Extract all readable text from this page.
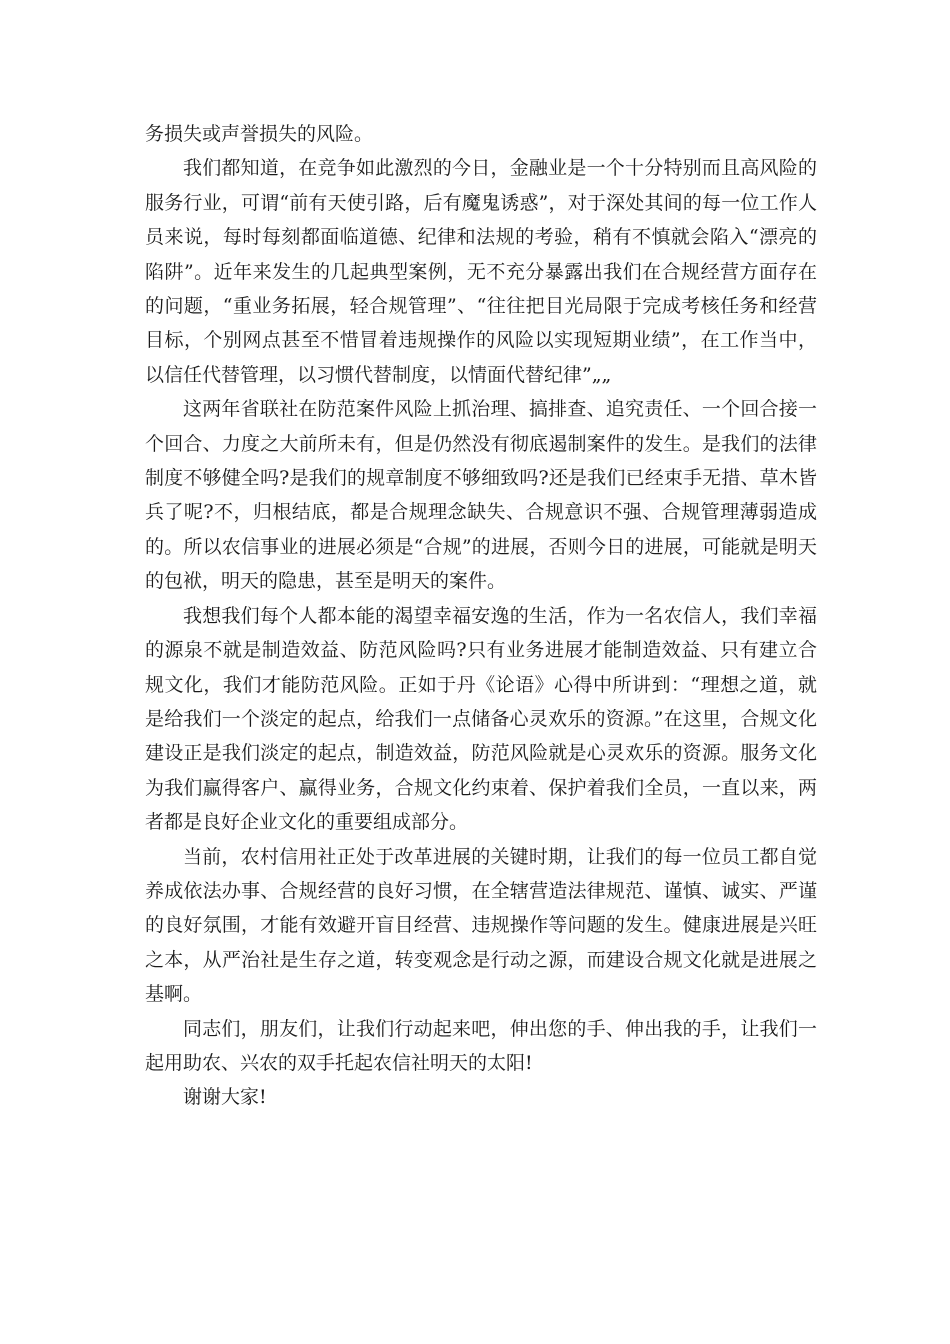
务损失或声誉损失的风险。

我们都知道，在竞争如此激烈的今日，金融业是一个十分特别而且高风险的服务行业，可谓“前有天使引路，后有魔鬼诱惑”，对于深处其间的每一位工作人员来说，每时每刻都面临道德、纪律和法规的考验，稍有不慎就会陷入“漂亮的陷阱”。近年来发生的几起典型案例，无不充分暴露出我们在合规经营方面存在的问题，“重业务拓展，轻合规管理”、“往往把目光局限于完成考核任务和经营目标，个别网点甚至不惜冒着违规操作的风险以实现短期业绩”，在工作当中，以信任代替管理，以习惯代替制度，以情面代替纪律”„„

这两年省联社在防范案件风险上抓治理、搞排查、追究责任、一个回合接一个回合、力度之大前所未有，但是仍然没有彻底遏制案件的发生。是我们的法律制度不够健全吗?是我们的规章制度不够细致吗?还是我们已经束手无措、草木皆兵了呢?不，归根结底，都是合规理念缺失、合规意识不强、合规管理薄弱造成的。所以农信事业的进展必须是“合规”的进展，否则今日的进展，可能就是明天的包袱，明天的隐患，甚至是明天的案件。

我想我们每个人都本能的渴望幸福安逸的生活，作为一名农信人，我们幸福的源泉不就是制造效益、防范风险吗?只有业务进展才能制造效益、只有建立合规文化，我们才能防范风险。正如于丹《论语》心得中所讲到：“理想之道，就是给我们一个淡定的起点，给我们一点储备心灵欢乐的资源。”在这里，合规文化建设正是我们淡定的起点，制造效益，防范风险就是心灵欢乐的资源。服务文化为我们赢得客户、赢得业务，合规文化约束着、保护着我们全员，一直以来，两者都是良好企业文化的重要组成部分。

当前，农村信用社正处于改革进展的关键时期，让我们的每一位员工都自觉养成依法办事、合规经营的良好习惯，在全辖营造法律规范、谨慎、诚实、严谨的良好氛围，才能有效避开盲目经营、违规操作等问题的发生。健康进展是兴旺之本，从严治社是生存之道，转变观念是行动之源，而建设合规文化就是进展之基啊。

同志们，朋友们，让我们行动起来吧，伸出您的手、伸出我的手，让我们一起用助农、兴农的双手托起农信社明天的太阳!

谢谢大家!
